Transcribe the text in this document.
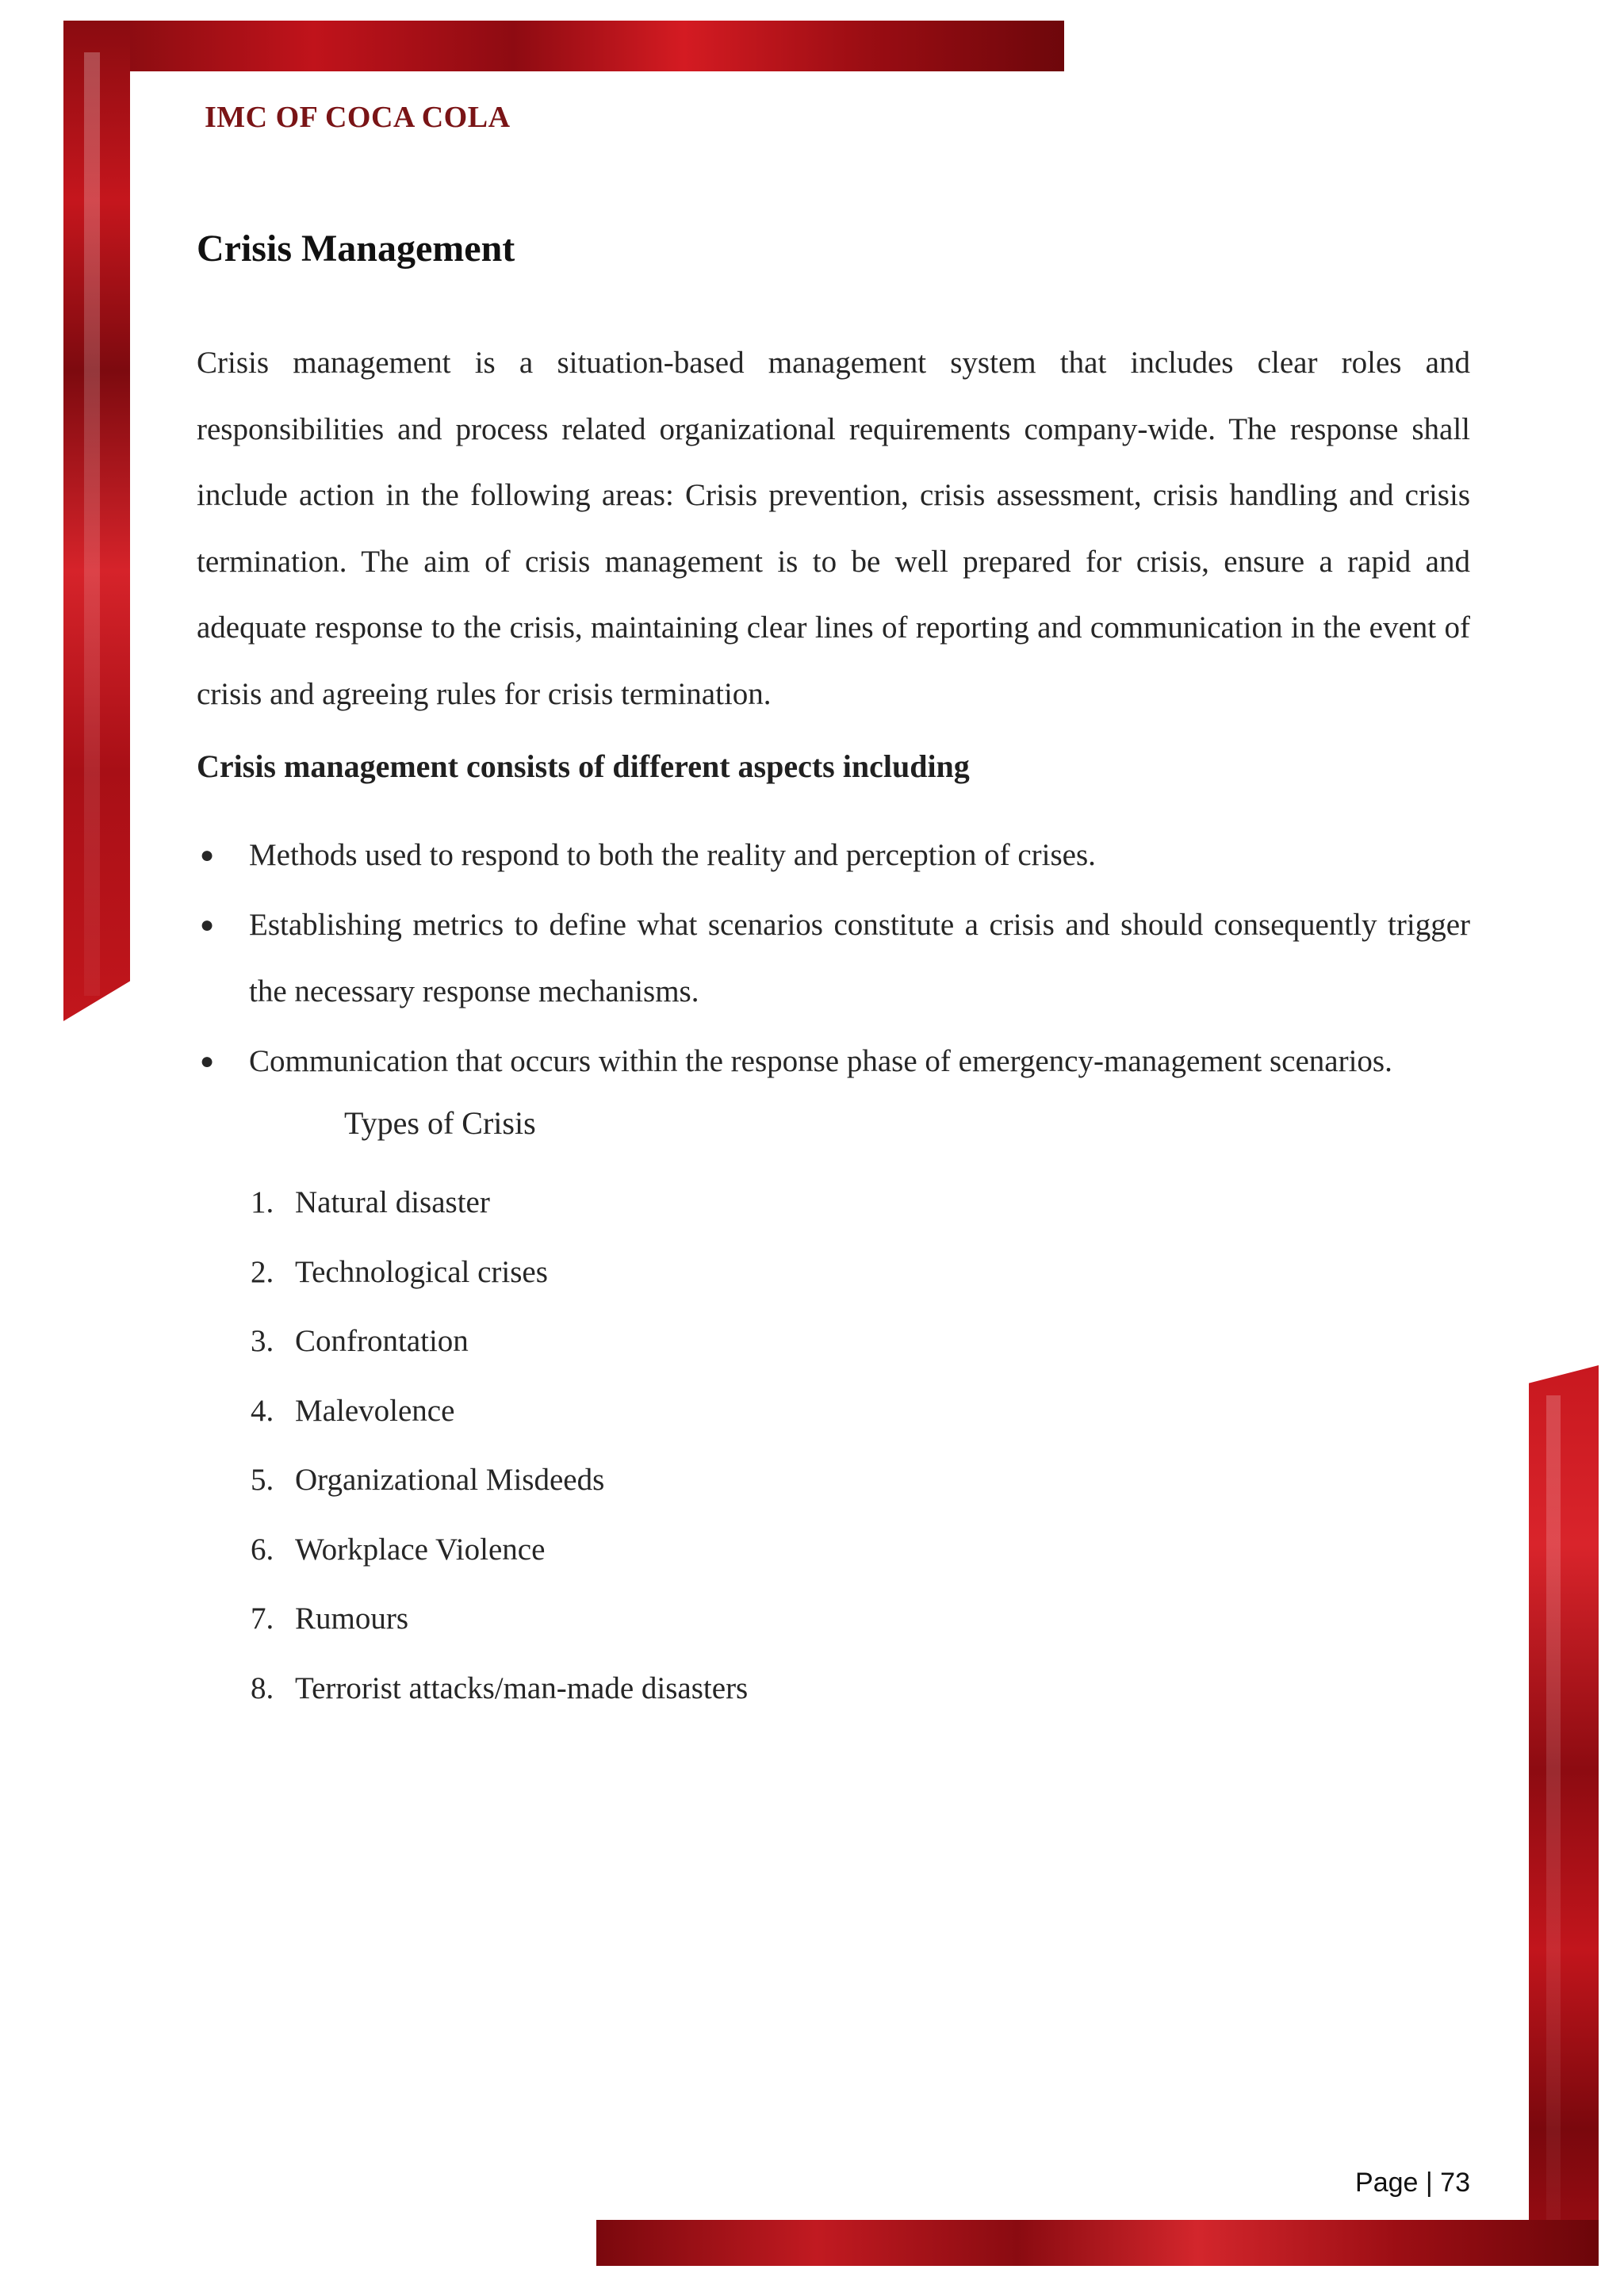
IMC OF COCA COLA
Crisis Management

Crisis management is a situation-based management system that includes clear roles and responsibilities and process related organizational requirements company-wide. The response shall include action in the following areas: Crisis prevention, crisis assessment, crisis handling and crisis termination. The aim of crisis management is to be well prepared for crisis, ensure a rapid and adequate response to the crisis, maintaining clear lines of reporting and communication in the event of crisis and agreeing rules for crisis termination.

Crisis management consists of different aspects including
● Methods used to respond to both the reality and perception of crises.
● Establishing metrics to define what scenarios constitute a crisis and should consequently trigger the necessary response mechanisms.
● Communication that occurs within the response phase of emergency-management scenarios.
Types of Crisis
1. Natural disaster
2. Technological crises
3. Confrontation
4. Malevolence
5. Organizational Misdeeds
6. Workplace Violence
7. Rumours
8. Terrorist attacks/man-made disasters
Page | 73
